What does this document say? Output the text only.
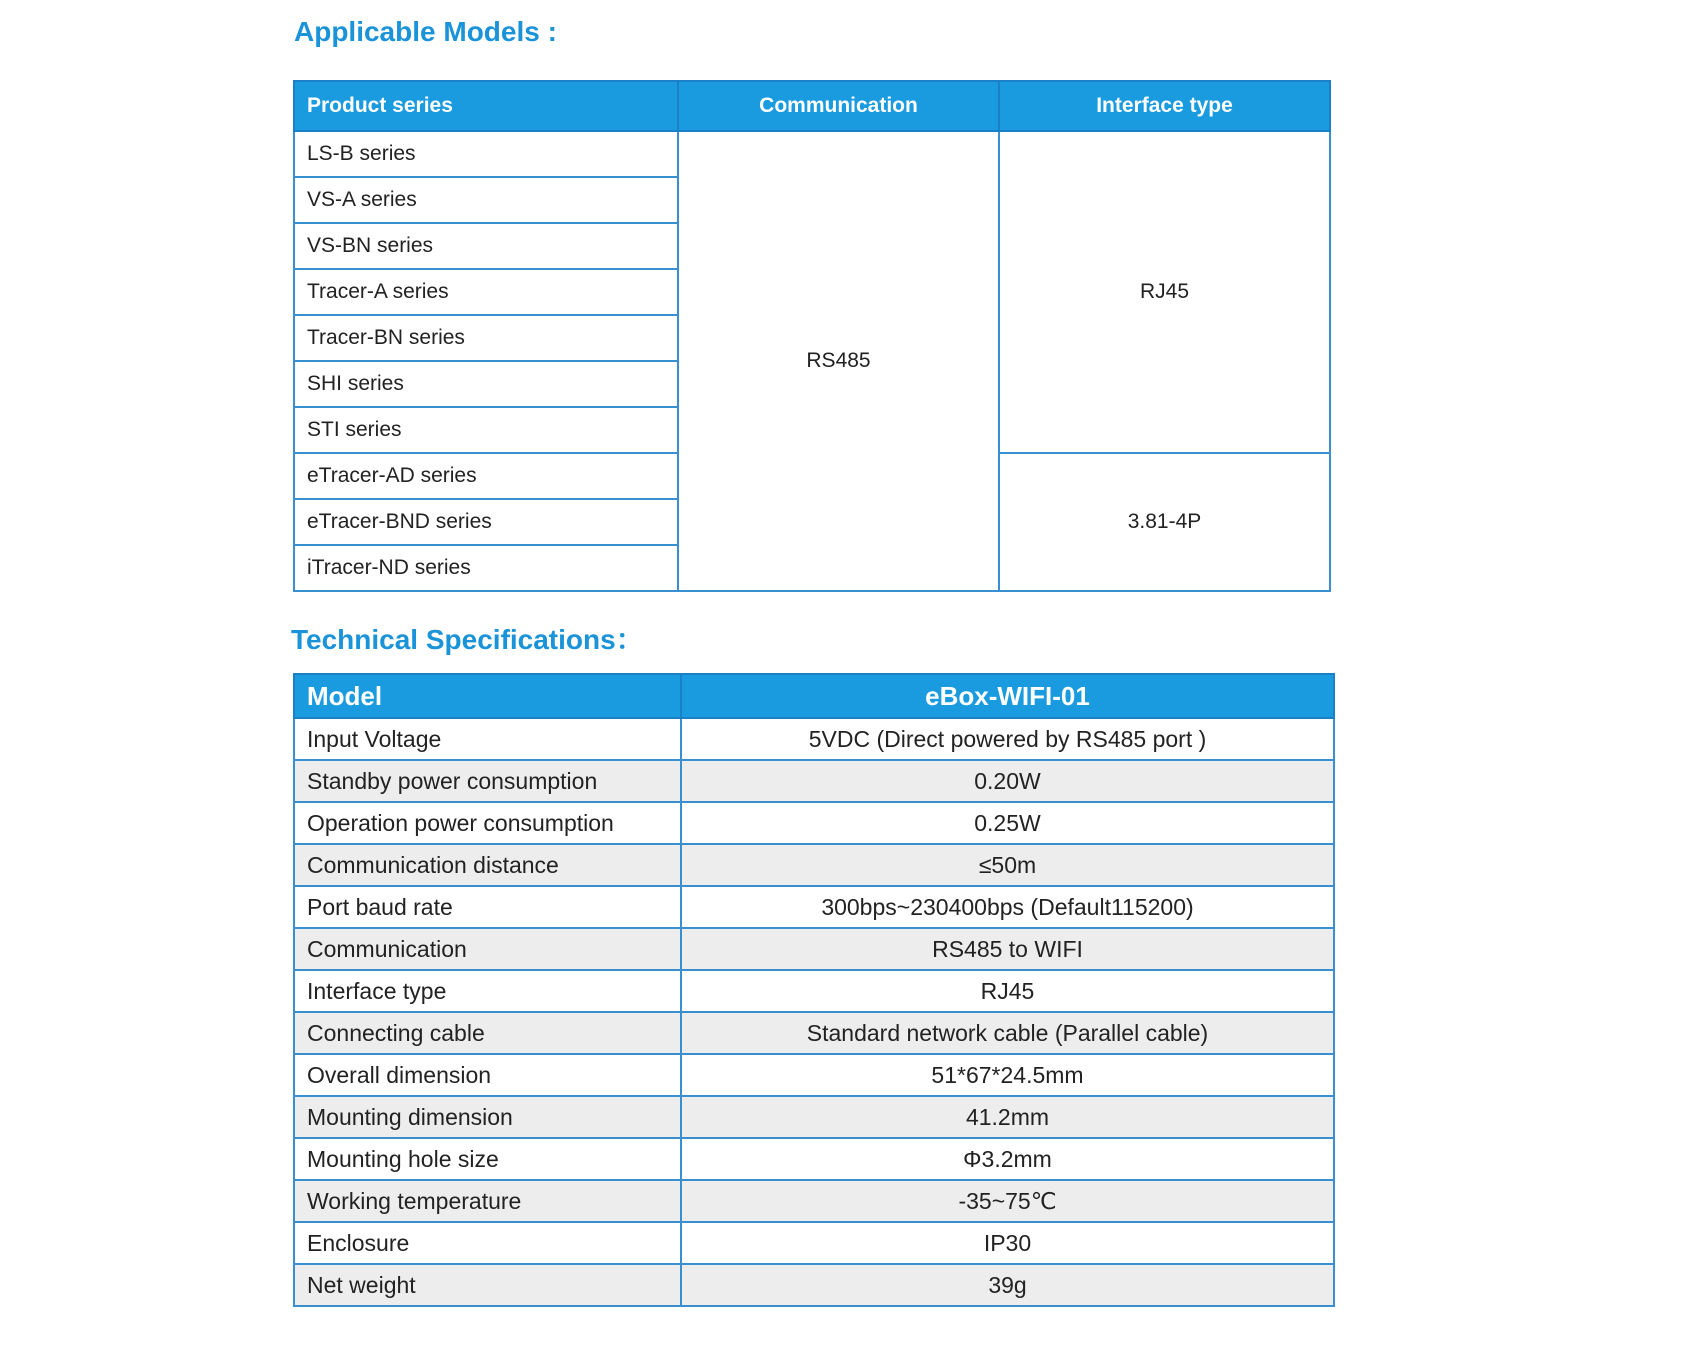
Applicable Models :
Product series	Communication	Interface type
LS-B series	RS485	RJ45
VS-A series		
VS-BN series		
Tracer-A series		
Tracer-BN series		
SHI series		
STI series		
eTracer-AD series		3.81-4P
eTracer-BND series		
iTracer-ND series		
Technical Specifications：
Model	eBox-WIFI-01
Input Voltage	5VDC (Direct powered by RS485 port )
Standby power consumption	0.20W
Operation power consumption	0.25W
Communication distance	≤50m
Port baud rate	300bps~230400bps (Default115200)
Communication	RS485 to WIFI
Interface type	RJ45
Connecting cable	Standard network cable (Parallel cable)
Overall dimension	51*67*24.5mm
Mounting dimension	41.2mm
Mounting hole size	Φ3.2mm
Working temperature	-35~75℃
Enclosure	IP30
Net weight	39g
